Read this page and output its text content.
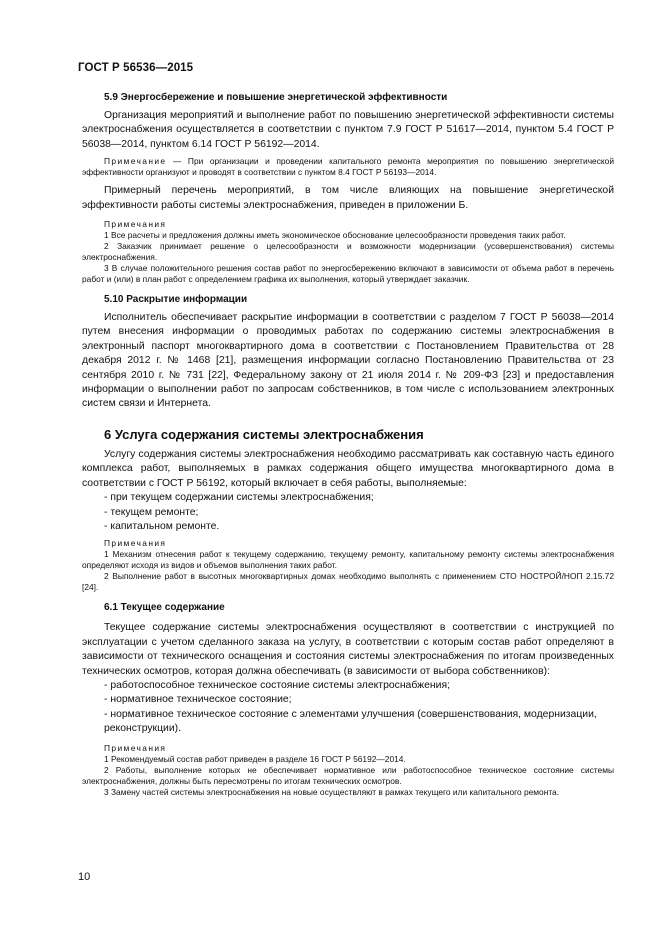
ГОСТ Р 56536—2015
5.9 Энергосбережение и повышение энергетической эффективности

Организация мероприятий и выполнение работ по повышению энергетической эффективности системы электроснабжения осуществляется в соответствии с пунктом 7.9 ГОСТ Р 51617—2014, пунктом 5.4 ГОСТ Р 56038—2014, пунктом 6.14 ГОСТ Р 56192—2014.

Примечание — При организации и проведении капитального ремонта мероприятия по повышению энергетической эффективности организуют и проводят в соответствии с пунктом 8.4 ГОСТ Р 56193—2014.

Примерный перечень мероприятий, в том числе влияющих на повышение энергетической эффективности работы системы электроснабжения, приведен в приложении Б.

Примечания

1 Все расчеты и предложения должны иметь экономическое обоснование целесообразности проведения таких работ.

2 Заказчик принимает решение о целесообразности и возможности модернизации (усовершенствования) системы электроснабжения.

3 В случае положительного решения состав работ по энергосбережению включают в зависимости от объема работ в перечень работ и (или) в план работ с определением графика их выполнения, который утверждает заказчик.

5.10 Раскрытие информации

Исполнитель обеспечивает раскрытие информации в соответствии с разделом 7 ГОСТ Р 56038—2014 путем внесения информации о проводимых работах по содержанию системы электроснабжения в электронный паспорт многоквартирного дома в соответствии с Постановлением Правительства от 28 декабря 2012 г. № 1468 [21], размещения информации согласно Постановлению Правительства от 23 сентября 2010 г. № 731 [22], Федеральному закону от 21 июля 2014 г. № 209-ФЗ [23] и предоставления информации о выполнении работ по запросам собственников, в том числе с использованием электронных систем связи и Интернета.

6 Услуга содержания системы электроснабжения

Услугу содержания системы электроснабжения необходимо рассматривать как составную часть единого комплекса работ, выполняемых в рамках содержания общего имущества многоквартирного дома в соответствии с ГОСТ Р 56192, который включает в себя работы, выполняемые:

- при текущем содержании системы электроснабжения;
- текущем ремонте;
- капитальном ремонте.
Примечания

1 Механизм отнесения работ к текущему содержанию, текущему ремонту, капитальному ремонту системы электроснабжения определяют исходя из видов и объемов выполнения таких работ.

2 Выполнение работ в высотных многоквартирных домах необходимо выполнять с применением СТО НОСТРОЙ/НОП 2.15.72 [24].

6.1 Текущее содержание

Текущее содержание системы электроснабжения осуществляют в соответствии с инструкцией по эксплуатации с учетом сделанного заказа на услугу, в соответствии с которым состав работ определяют в зависимости от технического оснащения и состояния системы электроснабжения по итогам произведенных технических осмотров, которая должна обеспечивать (в зависимости от выбора собственников):

- работоспособное техническое состояние системы электроснабжения;
- нормативное техническое состояние;
- нормативное техническое состояние с элементами улучшения (совершенствования, модернизации, реконструкции).
Примечания

1 Рекомендуемый состав работ приведен в разделе 16 ГОСТ Р 56192—2014.

2 Работы, выполнение которых не обеспечивает нормативное или работоспособное техническое состояние системы электроснабжения, должны быть пересмотрены по итогам технических осмотров.

3 Замену частей системы электроснабжения на новые осуществляют в рамках текущего или капитального ремонта.

10
